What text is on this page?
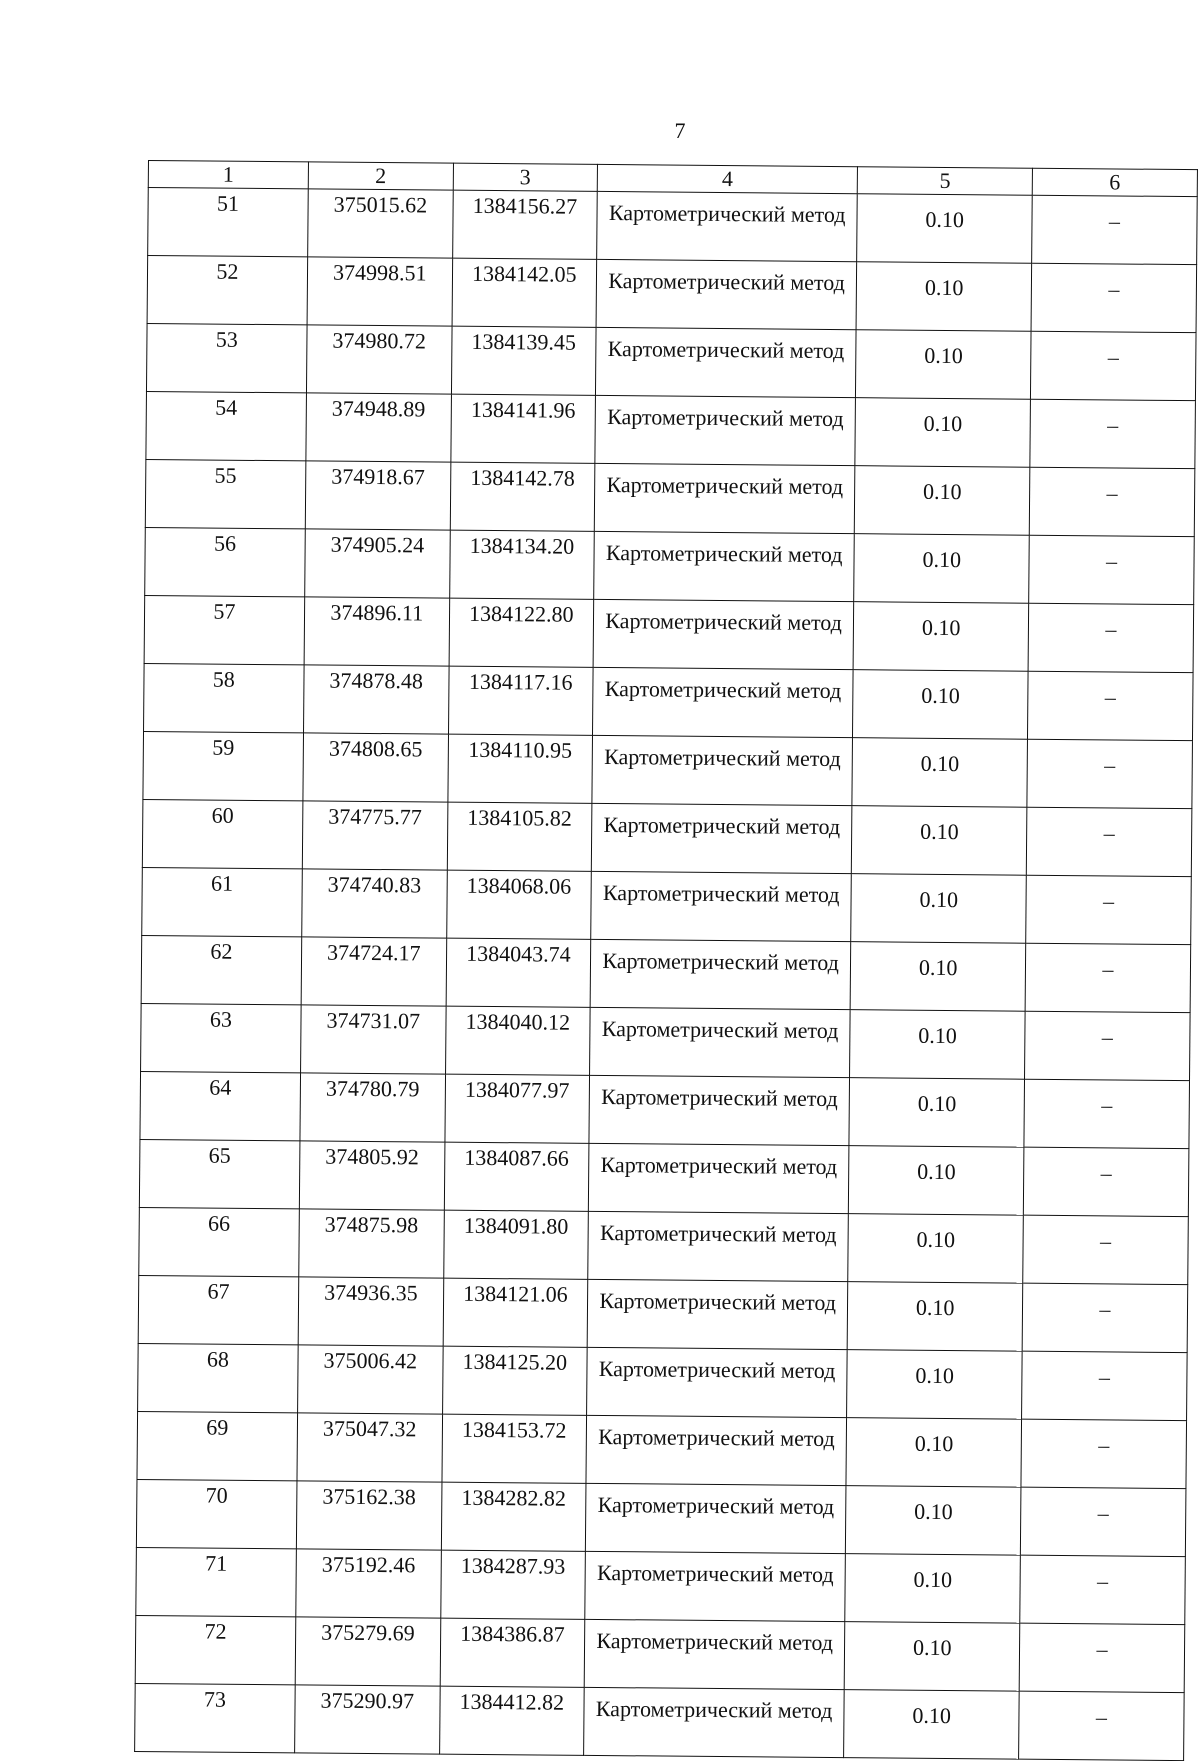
7
1	2	3	4	5	6
51	375015.62	1384156.27	Картометрический метод	0.10	–
52	374998.51	1384142.05	Картометрический метод	0.10	–
53	374980.72	1384139.45	Картометрический метод	0.10	–
54	374948.89	1384141.96	Картометрический метод	0.10	–
55	374918.67	1384142.78	Картометрический метод	0.10	–
56	374905.24	1384134.20	Картометрический метод	0.10	–
57	374896.11	1384122.80	Картометрический метод	0.10	–
58	374878.48	1384117.16	Картометрический метод	0.10	–
59	374808.65	1384110.95	Картометрический метод	0.10	–
60	374775.77	1384105.82	Картометрический метод	0.10	–
61	374740.83	1384068.06	Картометрический метод	0.10	–
62	374724.17	1384043.74	Картометрический метод	0.10	–
63	374731.07	1384040.12	Картометрический метод	0.10	–
64	374780.79	1384077.97	Картометрический метод	0.10	–
65	374805.92	1384087.66	Картометрический метод	0.10	–
66	374875.98	1384091.80	Картометрический метод	0.10	–
67	374936.35	1384121.06	Картометрический метод	0.10	–
68	375006.42	1384125.20	Картометрический метод	0.10	–
69	375047.32	1384153.72	Картометрический метод	0.10	–
70	375162.38	1384282.82	Картометрический метод	0.10	–
71	375192.46	1384287.93	Картометрический метод	0.10	–
72	375279.69	1384386.87	Картометрический метод	0.10	–
73	375290.97	1384412.82	Картометрический метод	0.10	–
